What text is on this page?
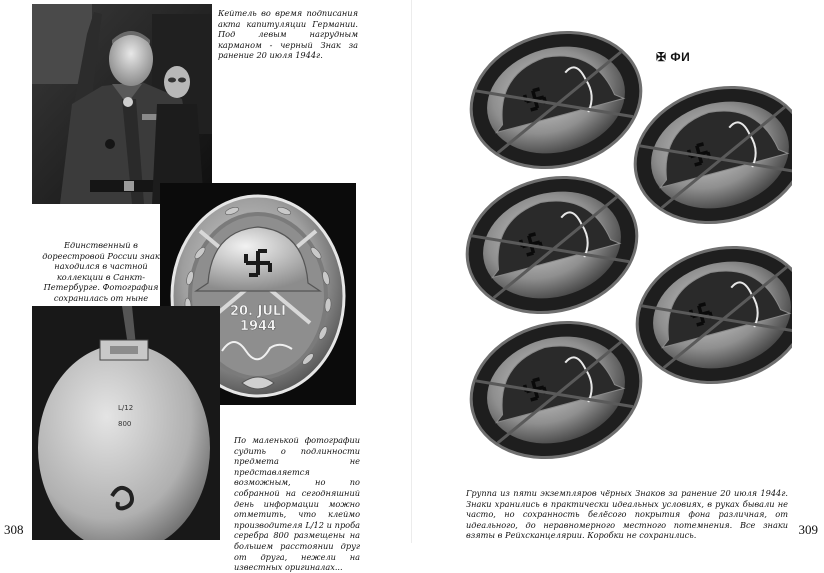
Кейтель во время подписания акта капитуляции Германии. Под левым нагрудным карманом - черный Знак за ранение 20 июля 1944г.

Единственный в дореестровой России знак находился в частной коллекции в Санкт-Петербурге. Фотография сохранилась от ныне

20. JULI
1944
L/12
800

По маленькой фотографии судить о подлинности предмета не представляется возможным, но по собранной на сегодняшний день информации можно отметить, что клеймо производителя L/12 и проба серебра 800 размещены на большем расстоянии друг от друга, нежели на известных оригиналах...

308
✠ ФИ

Группа из пяти экземпляров чёрных Знаков за ранение 20 июля 1944г. Знаки хранились в практически идеальных условиях, в руках бывали не часто, но сохранность белёсого покрытия фона различная, от идеального, до неравномерного местного потемнения. Все знаки взяты в Рейхсканцелярии. Коробки не сохранились.	309
